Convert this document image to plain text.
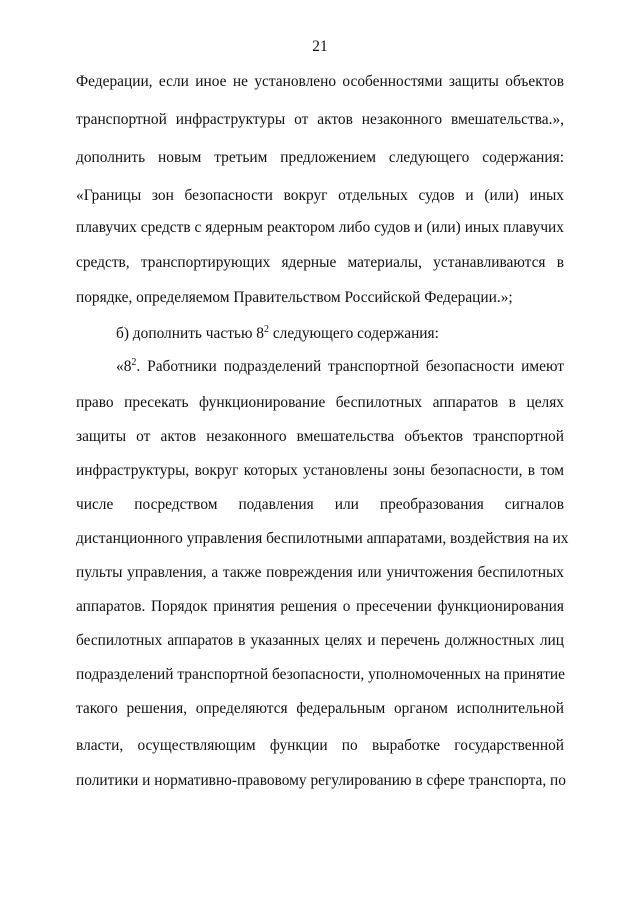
21
Федерации, если иное не установлено особенностями защиты объектов
транспортной инфраструктуры от актов незаконного вмешательства.»,
дополнить новым третьим предложением следующего содержания:
«Границы зон безопасности вокруг отдельных судов и (или) иных
плавучих средств с ядерным реактором либо судов и (или) иных плавучих
средств, транспортирующих ядерные материалы, устанавливаются в
порядке, определяемом Правительством Российской Федерации.»;
б) дополнить частью $8^2$ следующего содержания:
«$8^2$. Работники подразделений транспортной безопасности имеют
право пресекать функционирование беспилотных аппаратов в целях
защиты от актов незаконного вмешательства объектов транспортной
инфраструктуры, вокруг которых установлены зоны безопасности, в том
числе посредством подавления или преобразования сигналов
дистанционного управления беспилотными аппаратами, воздействия на их
пульты управления, а также повреждения или уничтожения беспилотных
аппаратов. Порядок принятия решения о пресечении функционирования
беспилотных аппаратов в указанных целях и перечень должностных лиц
подразделений транспортной безопасности, уполномоченных на принятие
такого решения, определяются федеральным органом исполнительной
власти, осуществляющим функции по выработке государственной
политики и нормативно-правовому регулированию в сфере транспорта, по
